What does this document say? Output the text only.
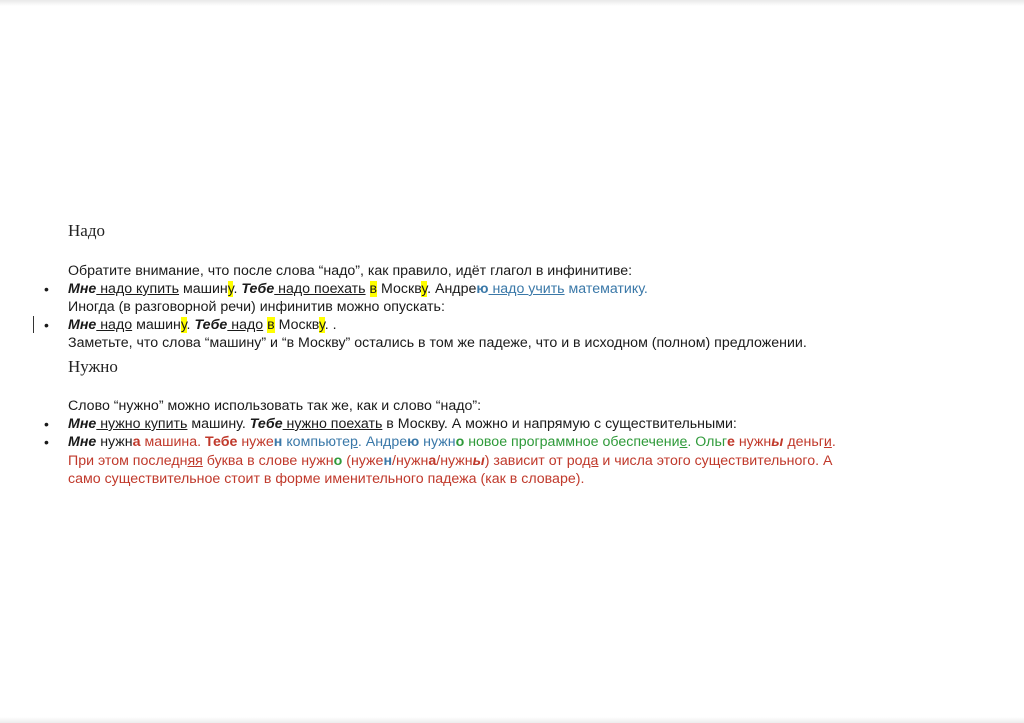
Надо
Обратите внимание, что после слова “надо”, как правило, идёт глагол в инфинитиве:
• Мне надо купить машину. Тебе надо поехать в Москву. Андрею надо учить математику.
Иногда (в разговорной речи) инфинитив можно опускать:
• Мне надо машину. Тебе надо в Москву. .
Заметьте, что слова “машину” и “в Москву” остались в том же падеже, что и в исходном (полном) предложении.
Нужно
Слово “нужно” можно использовать так же, как и слово “надо”:
• Мне нужно купить машину. Тебе нужно поехать в Москву. А можно и напрямую с существительными:
• Мне нужна машина. Тебе нужен компьютер. Андрею нужно новое программное обеспечение. Ольге нужны деньги.
При этом последняя буква в слове нужно (нужен/нужна/нужны) зависит от рода и числа этого существительного. А
само существительное стоит в форме именительного падежа (как в словаре).
